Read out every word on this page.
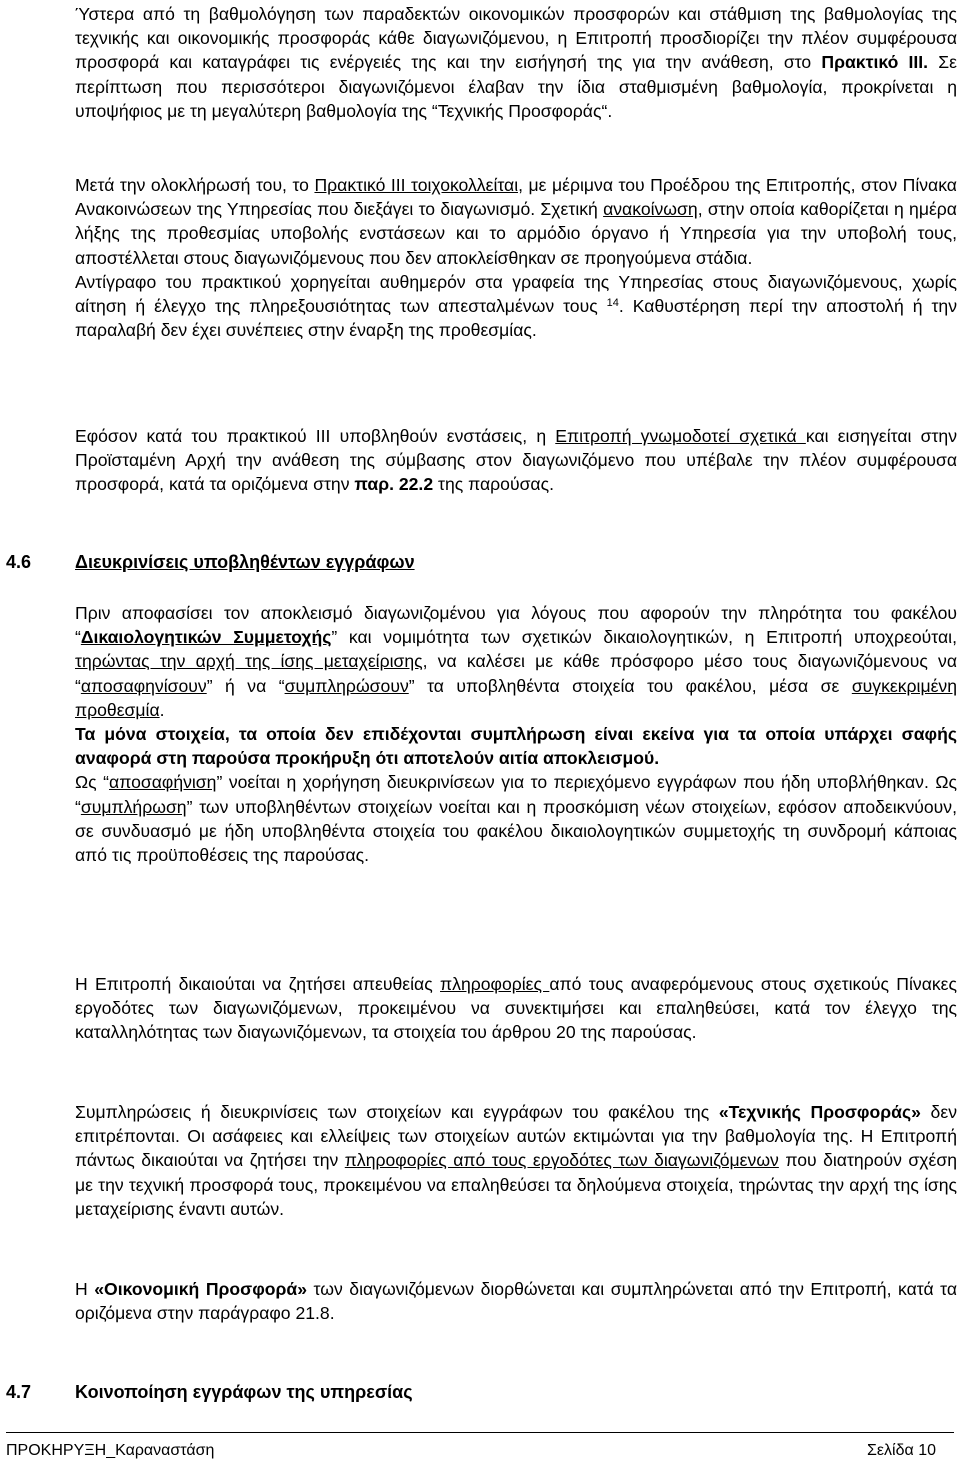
Ύστερα από τη βαθμολόγηση των παραδεκτών οικονομικών προσφορών και στάθμιση της βαθμολογίας της τεχνικής και οικονομικής προσφοράς κάθε διαγωνιζόμενου, η Επιτροπή προσδιορίζει την πλέον συμφέρουσα προσφορά και καταγράφει τις ενέργειές της και την εισήγησή της για την ανάθεση, στο Πρακτικό ΙΙΙ. Σε περίπτωση που περισσότεροι διαγωνιζόμενοι έλαβαν την ίδια σταθμισμένη βαθμολογία, προκρίνεται η υποψήφιος με τη μεγαλύτερη βαθμολογία της “Τεχνικής Προσφοράς“.

Μετά την ολοκλήρωσή του, το Πρακτικό ΙΙΙ τοιχοκολλείται, με μέριμνα του Προέδρου της Επιτροπής, στον Πίνακα Ανακοινώσεων της Υπηρεσίας που διεξάγει το διαγωνισμό. Σχετική ανακοίνωση, στην οποία καθορίζεται η ημέρα λήξης της προθεσμίας υποβολής ενστάσεων και το αρμόδιο όργανο ή Υπηρεσία για την υποβολή τους, αποστέλλεται στους διαγωνιζόμενους που δεν αποκλείσθηκαν σε προηγούμενα στάδια.
Αντίγραφο του πρακτικού χορηγείται αυθημερόν στα γραφεία της Υπηρεσίας στους διαγωνιζόμενους, χωρίς αίτηση ή έλεγχο της πληρεξουσιότητας των απεσταλμένων τους $^{14}$. Καθυστέρηση περί την αποστολή ή την παραλαβή δεν έχει συνέπειες στην έναρξη της προθεσμίας.

Εφόσον κατά του πρακτικού ΙΙΙ υποβληθούν ενστάσεις, η Επιτροπή γνωμοδοτεί σχετικά και εισηγείται στην Προϊσταμένη Αρχή την ανάθεση της σύμβασης στον διαγωνιζόμενο που υπέβαλε την πλέον συμφέρουσα προσφορά, κατά τα οριζόμενα στην παρ. 22.2 της παρούσας.

4.6 Διευκρινίσεις υποβληθέντων εγγράφων

Πριν αποφασίσει τον αποκλεισμό διαγωνιζομένου για λόγους που αφορούν την πληρότητα του φακέλου “Δικαιολογητικών Συμμετοχής” και νομιμότητα των σχετικών δικαιολογητικών, η Επιτροπή υποχρεούται, τηρώντας την αρχή της ίσης μεταχείρισης, να καλέσει με κάθε πρόσφορο μέσο τους διαγωνιζόμενους να “αποσαφηνίσουν” ή να “συμπληρώσουν” τα υποβληθέντα στοιχεία του φακέλου, μέσα σε συγκεκριμένη προθεσμία.
Τα μόνα στοιχεία, τα οποία δεν επιδέχονται συμπλήρωση είναι εκείνα για τα οποία υπάρχει σαφής αναφορά στη παρούσα προκήρυξη ότι αποτελούν αιτία αποκλεισμού.
Ως “αποσαφήνιση” νοείται η χορήγηση διευκρινίσεων για το περιεχόμενο εγγράφων που ήδη υποβλήθηκαν. Ως “συμπλήρωση” των υποβληθέντων στοιχείων νοείται και η προσκόμιση νέων στοιχείων, εφόσον αποδεικνύουν, σε συνδυασμό με ήδη υποβληθέντα στοιχεία του φακέλου δικαιολογητικών συμμετοχής τη συνδρομή κάποιας από τις προϋποθέσεις της παρούσας.

Η Επιτροπή δικαιούται να ζητήσει απευθείας πληροφορίες από τους αναφερόμενους στους σχετικούς Πίνακες εργοδότες των διαγωνιζόμενων, προκειμένου να συνεκτιμήσει και επαληθεύσει, κατά τον έλεγχο της καταλληλότητας των διαγωνιζόμενων, τα στοιχεία του άρθρου 20 της παρούσας.

Συμπληρώσεις ή διευκρινίσεις των στοιχείων και εγγράφων του φακέλου της «Τεχνικής Προσφοράς» δεν επιτρέπονται. Οι ασάφειες και ελλείψεις των στοιχείων αυτών εκτιμώνται για την βαθμολογία της. Η Επιτροπή πάντως δικαιούται να ζητήσει την πληροφορίες από τους εργοδότες των διαγωνιζόμενων που διατηρούν σχέση με την τεχνική προσφορά τους, προκειμένου να επαληθεύσει τα δηλούμενα στοιχεία, τηρώντας την αρχή της ίσης μεταχείρισης έναντι αυτών.

Η «Οικονομική Προσφορά» των διαγωνιζόμενων διορθώνεται και συμπληρώνεται από την Επιτροπή, κατά τα οριζόμενα στην παράγραφο 21.8.

4.7 Κοινοποίηση εγγράφων της υπηρεσίας
ΠΡΟΚΗΡΥΞΗ_Καραναστάση	Σελίδα 10
